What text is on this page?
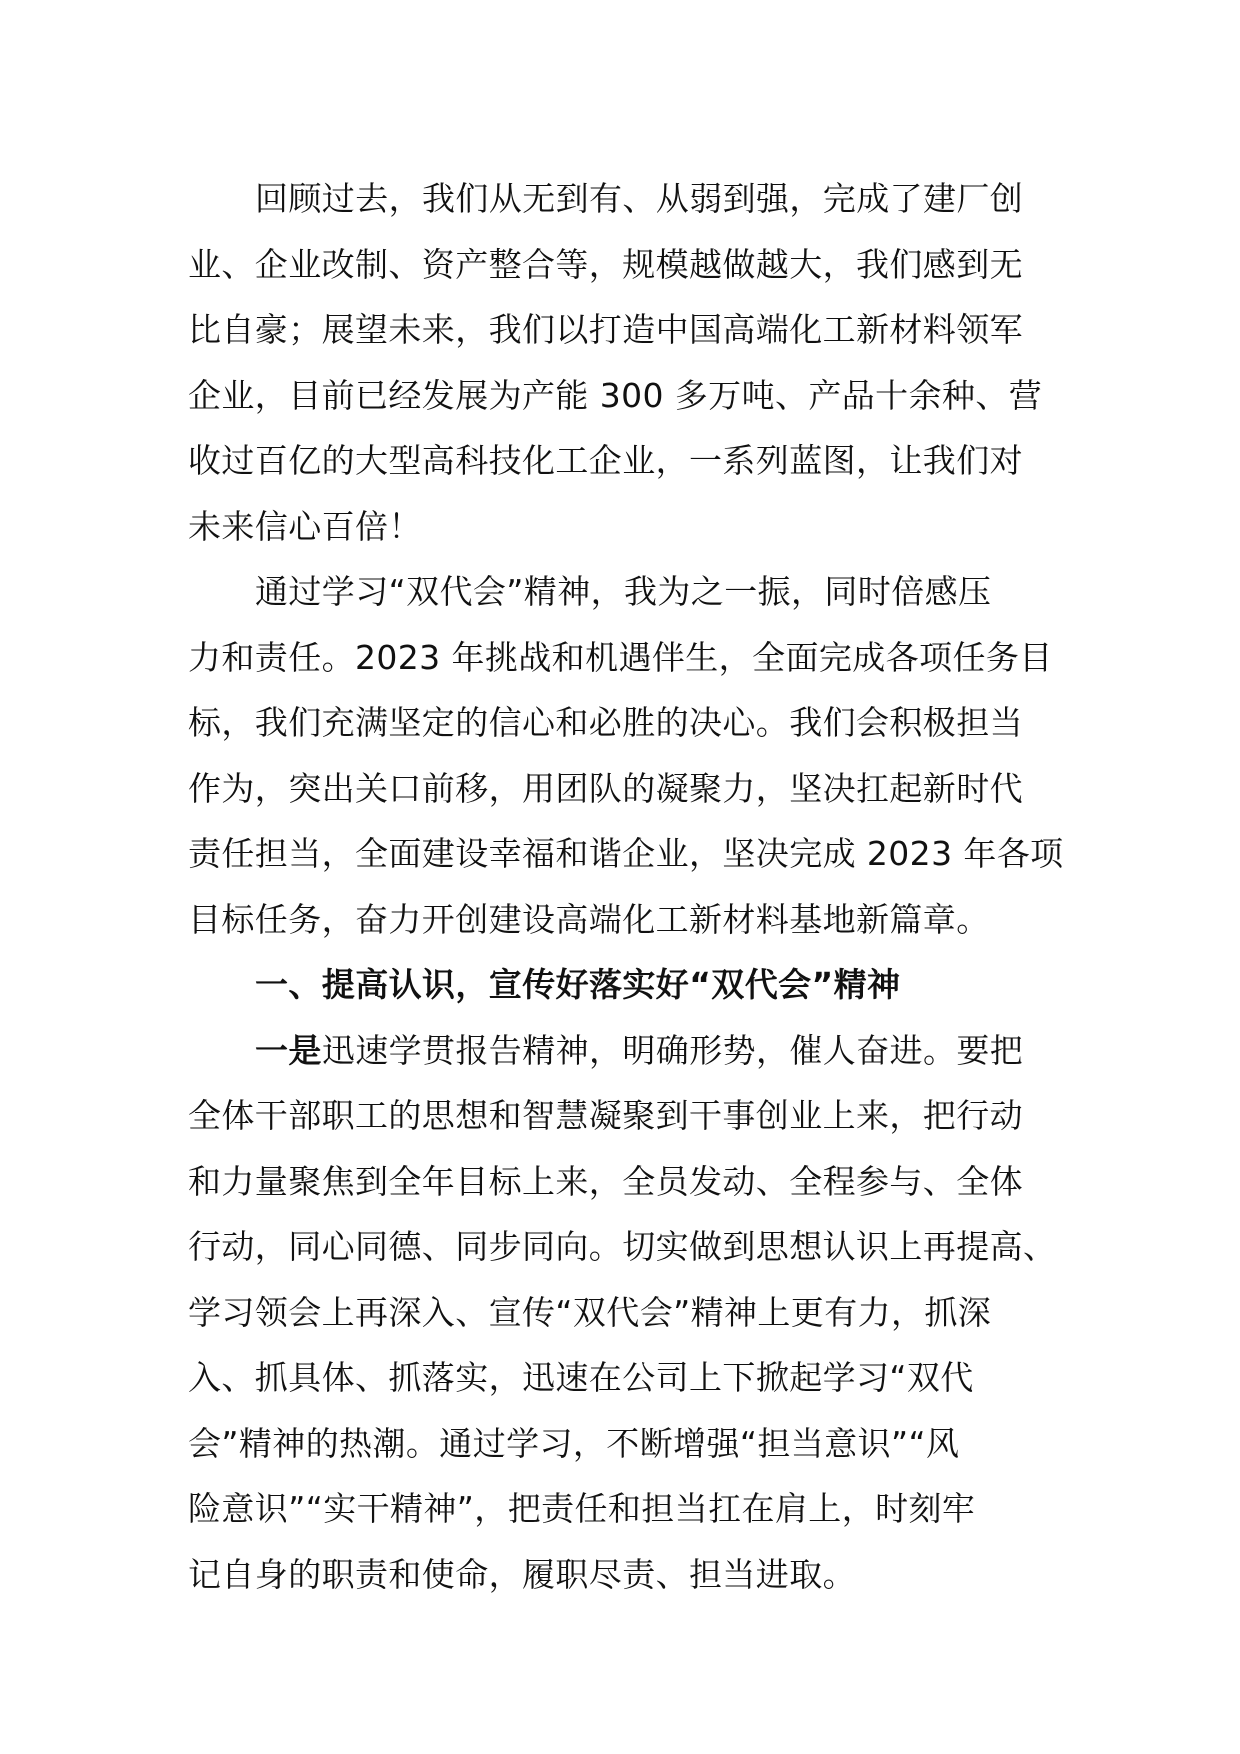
回顾过去，我们从无到有、从弱到强，完成了建厂创
业、企业改制、资产整合等，规模越做越大，我们感到无
比自豪；展望未来，我们以打造中国高端化工新材料领军
企业，目前已经发展为产能 300 多万吨、产品十余种、营
收过百亿的大型高科技化工企业，一系列蓝图，让我们对
未来信心百倍！
通过学习“双代会”精神，我为之一振，同时倍感压
力和责任。2023 年挑战和机遇伴生，全面完成各项任务目
标，我们充满坚定的信心和必胜的决心。我们会积极担当
作为，突出关口前移，用团队的凝聚力，坚决扛起新时代
责任担当，全面建设幸福和谐企业，坚决完成 2023 年各项
目标任务，奋力开创建设高端化工新材料基地新篇章。
一、提高认识，宣传好落实好“双代会”精神
一是迅速学贯报告精神，明确形势，催人奋进。要把
全体干部职工的思想和智慧凝聚到干事创业上来，把行动
和力量聚焦到全年目标上来，全员发动、全程参与、全体
行动，同心同德、同步同向。切实做到思想认识上再提高、
学习领会上再深入、宣传“双代会”精神上更有力，抓深
入、抓具体、抓落实，迅速在公司上下掀起学习“双代
会”精神的热潮。通过学习，不断增强“担当意识”“风
险意识”“实干精神”，把责任和担当扛在肩上，时刻牢
记自身的职责和使命，履职尽责、担当进取。
